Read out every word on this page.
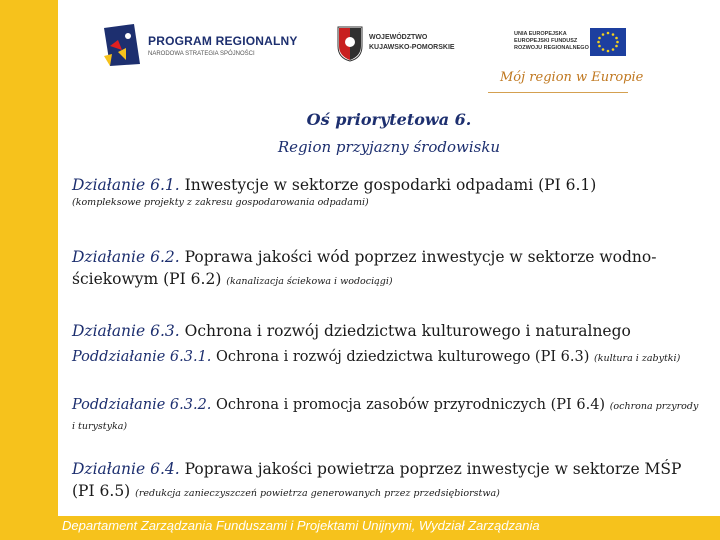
PROGRAM REGIONALNY
NARODOWA STRATEGIA SPÓJNOŚCI
WOJEWÓDZTWO
KUJAWSKO-POMORSKIE
UNIA EUROPEJSKA
EUROPEJSKI FUNDUSZ
ROZWOJU REGIONALNEGO
Mój region w Europie
Oś priorytetowa 6.
Region przyjazny środowisku
Działanie 6.1. Inwestycje w sektorze gospodarki odpadami (PI 6.1)
(kompleksowe projekty z zakresu gospodarowania odpadami)
Działanie 6.2. Poprawa jakości wód poprzez inwestycje w sektorze wodno-ściekowym (PI 6.2) (kanalizacja ściekowa i wodociągi)
Działanie 6.3. Ochrona i rozwój dziedzictwa kulturowego i naturalnego
Poddziałanie 6.3.1. Ochrona i rozwój dziedzictwa kulturowego (PI 6.3) (kultura i zabytki)
Poddziałanie 6.3.2. Ochrona i promocja zasobów przyrodniczych (PI 6.4) (ochrona przyrody i turystyka)
Działanie 6.4. Poprawa jakości powietrza poprzez inwestycje w sektorze MŚP (PI 6.5) (redukcja zanieczyszczeń powietrza generowanych przez przedsiębiorstwa)
Departament Zarządzania Funduszami i Projektami Unijnymi, Wydział Zarządzania
